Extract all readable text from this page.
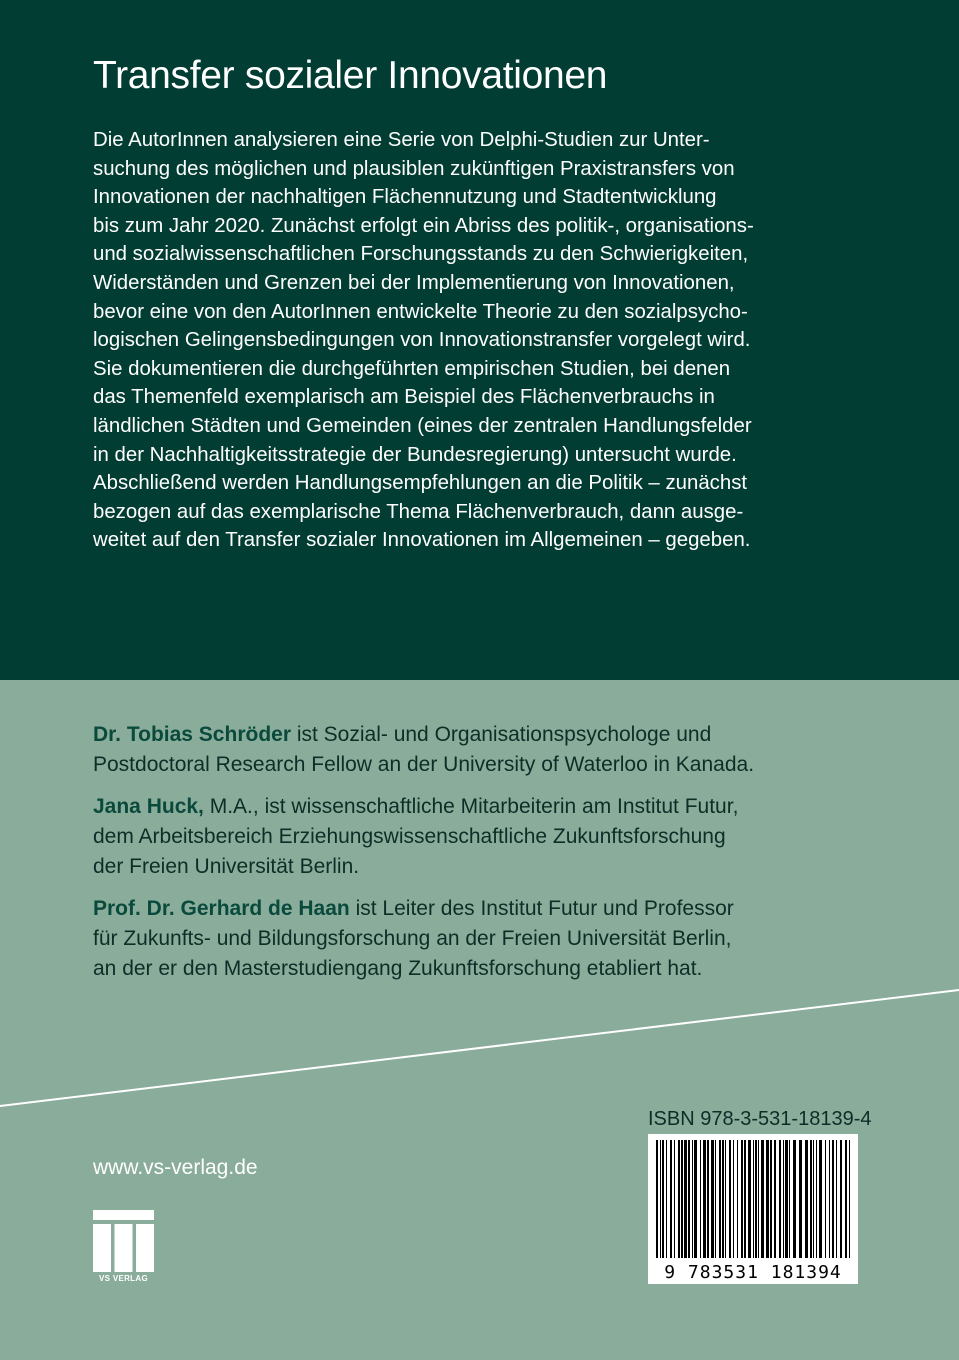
Transfer sozialer Innovationen
Die AutorInnen analysieren eine Serie von Delphi-Studien zur Unter-
suchung des möglichen und plausiblen zukünftigen Praxistransfers von
Innovationen der nachhaltigen Flächennutzung und Stadtentwicklung
bis zum Jahr 2020. Zunächst erfolgt ein Abriss des politik-, organisations-
und sozialwissenschaftlichen Forschungsstands zu den Schwierigkeiten,
Widerständen und Grenzen bei der Implementierung von Innovationen,
bevor eine von den AutorInnen entwickelte Theorie zu den sozialpsycho-
logischen Gelingensbedingungen von Innovationstransfer vorgelegt wird.
Sie dokumentieren die durchgeführten empirischen Studien, bei denen
das Themenfeld exemplarisch am Beispiel des Flächenverbrauchs in
ländlichen Städten und Gemeinden (eines der zentralen Handlungsfelder
in der Nachhaltigkeitsstrategie der Bundesregierung) untersucht wurde.
Abschließend werden Handlungsempfehlungen an die Politik – zunächst
bezogen auf das exemplarische Thema Flächenverbrauch, dann ausge-
weitet auf den Transfer sozialer Innovationen im Allgemeinen – gegeben.

Dr. Tobias Schröder ist Sozial- und Organisationspsychologe und

Postdoctoral Research Fellow an der University of Waterloo in Kanada.

Jana Huck, M.A., ist wissenschaftliche Mitarbeiterin am Institut Futur,

dem Arbeitsbereich Erziehungswissenschaftliche Zukunftsforschung

der Freien Universität Berlin.

Prof. Dr. Gerhard de Haan ist Leiter des Institut Futur und Professor

für Zukunfts- und Bildungsforschung an der Freien Universität Berlin,

an der er den Masterstudiengang Zukunftsforschung etabliert hat.

ISBN 978-3-531-18139-4
9 783531 181394
www.vs-verlag.de
VS VERLAG
